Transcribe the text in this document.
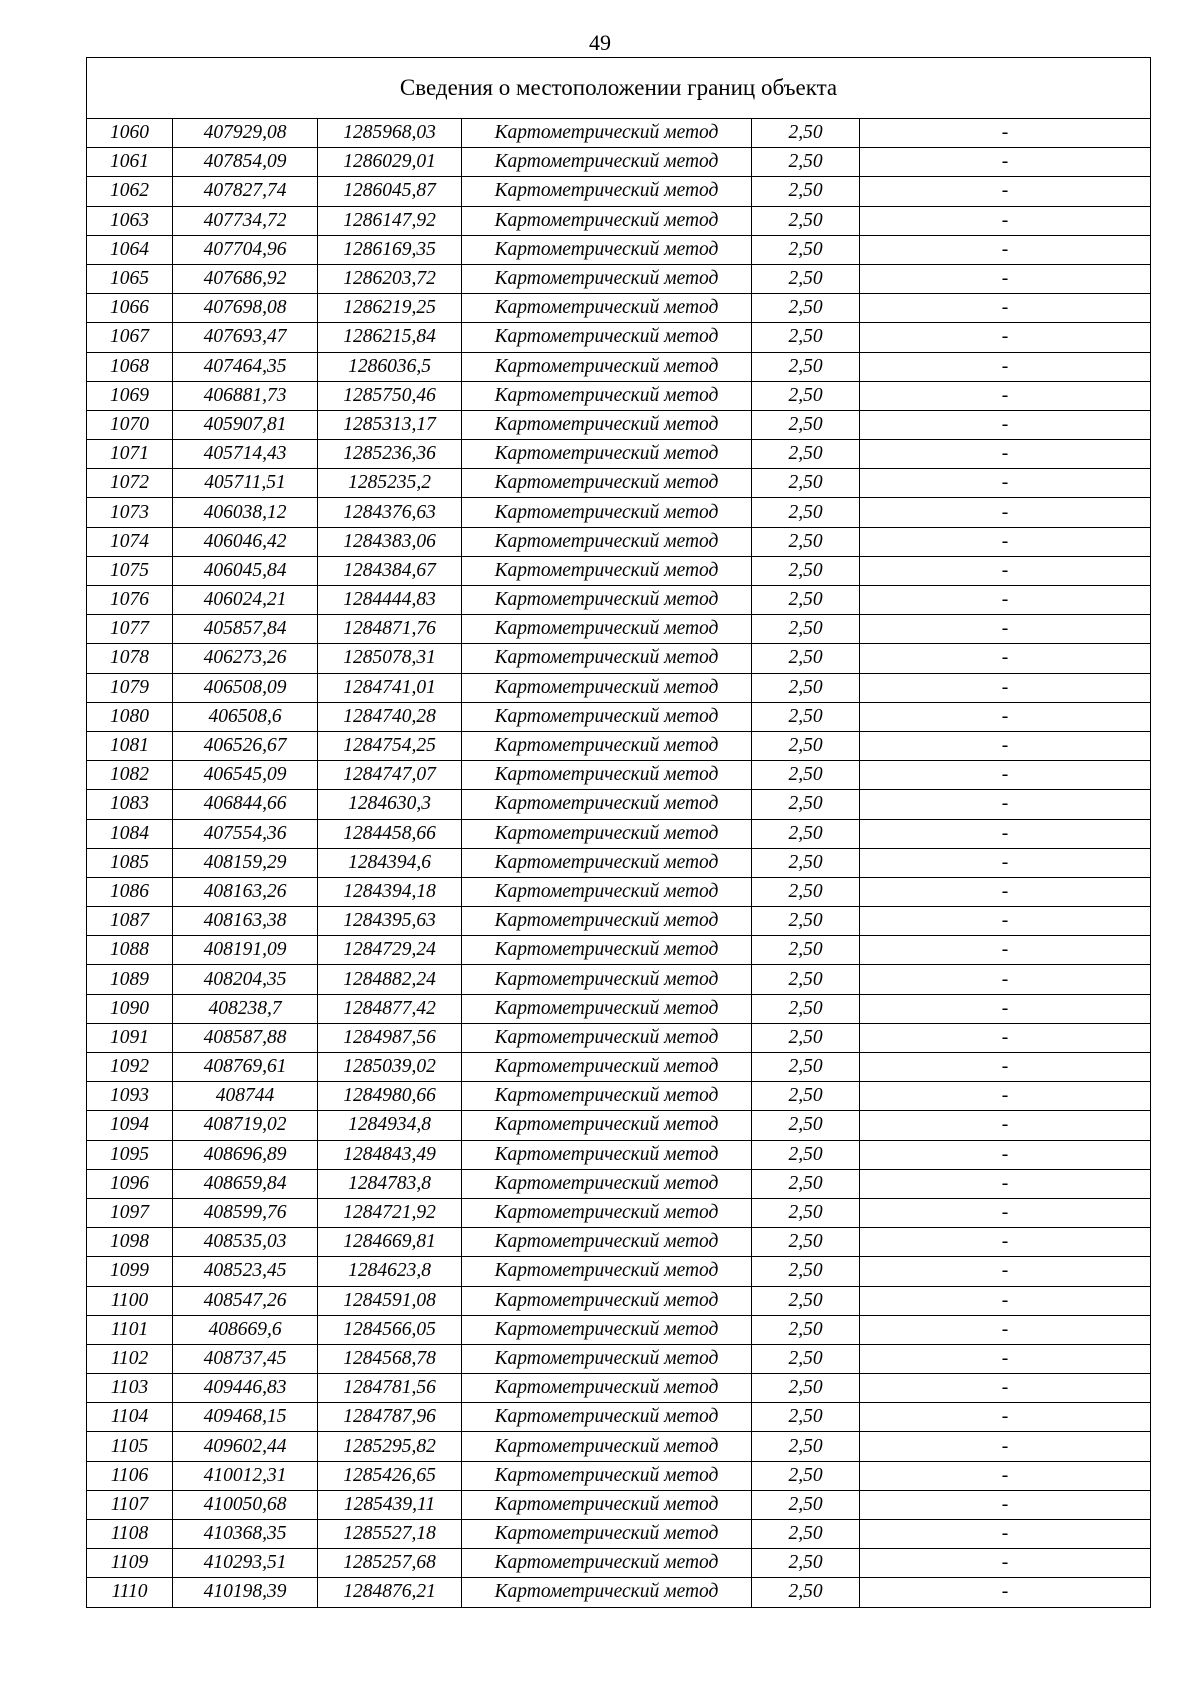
49
Сведения о местоположении границ объекта					
1060	407929,08	1285968,03	Картометрический метод	2,50	-
1061	407854,09	1286029,01	Картометрический метод	2,50	-
1062	407827,74	1286045,87	Картометрический метод	2,50	-
1063	407734,72	1286147,92	Картометрический метод	2,50	-
1064	407704,96	1286169,35	Картометрический метод	2,50	-
1065	407686,92	1286203,72	Картометрический метод	2,50	-
1066	407698,08	1286219,25	Картометрический метод	2,50	-
1067	407693,47	1286215,84	Картометрический метод	2,50	-
1068	407464,35	1286036,5	Картометрический метод	2,50	-
1069	406881,73	1285750,46	Картометрический метод	2,50	-
1070	405907,81	1285313,17	Картометрический метод	2,50	-
1071	405714,43	1285236,36	Картометрический метод	2,50	-
1072	405711,51	1285235,2	Картометрический метод	2,50	-
1073	406038,12	1284376,63	Картометрический метод	2,50	-
1074	406046,42	1284383,06	Картометрический метод	2,50	-
1075	406045,84	1284384,67	Картометрический метод	2,50	-
1076	406024,21	1284444,83	Картометрический метод	2,50	-
1077	405857,84	1284871,76	Картометрический метод	2,50	-
1078	406273,26	1285078,31	Картометрический метод	2,50	-
1079	406508,09	1284741,01	Картометрический метод	2,50	-
1080	406508,6	1284740,28	Картометрический метод	2,50	-
1081	406526,67	1284754,25	Картометрический метод	2,50	-
1082	406545,09	1284747,07	Картометрический метод	2,50	-
1083	406844,66	1284630,3	Картометрический метод	2,50	-
1084	407554,36	1284458,66	Картометрический метод	2,50	-
1085	408159,29	1284394,6	Картометрический метод	2,50	-
1086	408163,26	1284394,18	Картометрический метод	2,50	-
1087	408163,38	1284395,63	Картометрический метод	2,50	-
1088	408191,09	1284729,24	Картометрический метод	2,50	-
1089	408204,35	1284882,24	Картометрический метод	2,50	-
1090	408238,7	1284877,42	Картометрический метод	2,50	-
1091	408587,88	1284987,56	Картометрический метод	2,50	-
1092	408769,61	1285039,02	Картометрический метод	2,50	-
1093	408744	1284980,66	Картометрический метод	2,50	-
1094	408719,02	1284934,8	Картометрический метод	2,50	-
1095	408696,89	1284843,49	Картометрический метод	2,50	-
1096	408659,84	1284783,8	Картометрический метод	2,50	-
1097	408599,76	1284721,92	Картометрический метод	2,50	-
1098	408535,03	1284669,81	Картометрический метод	2,50	-
1099	408523,45	1284623,8	Картометрический метод	2,50	-
1100	408547,26	1284591,08	Картометрический метод	2,50	-
1101	408669,6	1284566,05	Картометрический метод	2,50	-
1102	408737,45	1284568,78	Картометрический метод	2,50	-
1103	409446,83	1284781,56	Картометрический метод	2,50	-
1104	409468,15	1284787,96	Картометрический метод	2,50	-
1105	409602,44	1285295,82	Картометрический метод	2,50	-
1106	410012,31	1285426,65	Картометрический метод	2,50	-
1107	410050,68	1285439,11	Картометрический метод	2,50	-
1108	410368,35	1285527,18	Картометрический метод	2,50	-
1109	410293,51	1285257,68	Картометрический метод	2,50	-
1110	410198,39	1284876,21	Картометрический метод	2,50	-
